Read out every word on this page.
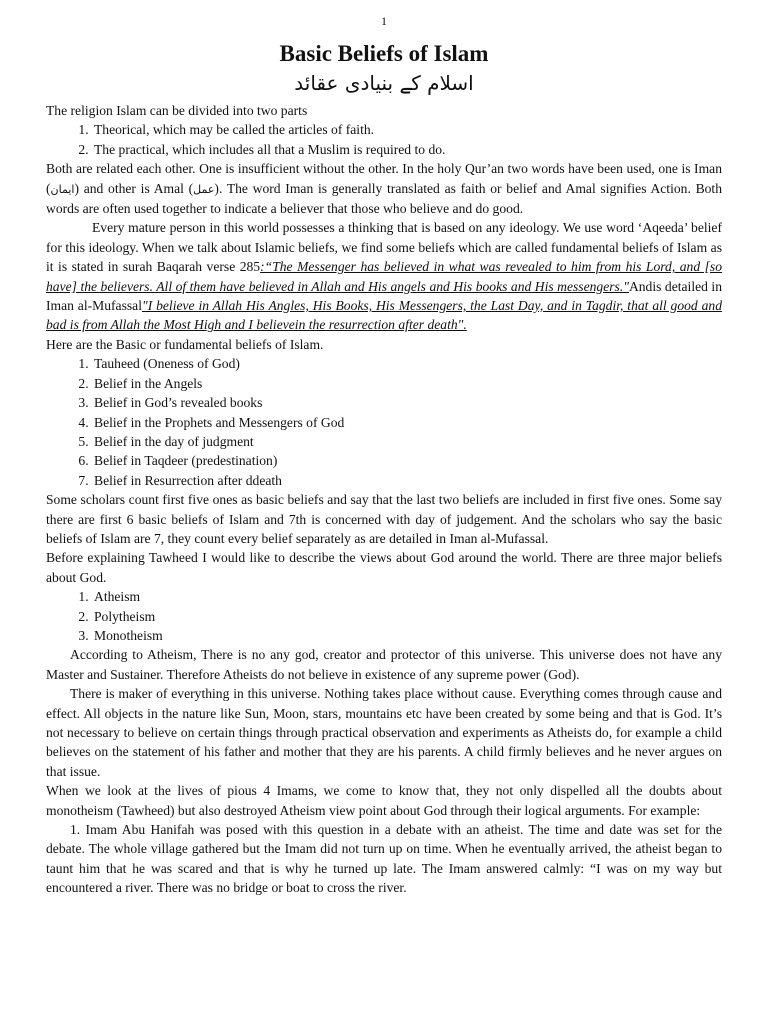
1
Basic Beliefs of Islam
اسلام کے بنیادی عقائد

The religion Islam can be divided into two parts

1. Theorical, which may be called the articles of faith.
2. The practical, which includes all that a Muslim is required to do.

Both are related each other. One is insufficient without the other. In the holy Qur’an two words have been used, one is Iman (ایمان) and other is Amal (عمل). The word Iman is generally translated as faith or belief and Amal signifies Action. Both words are often used together to indicate a believer that those who believe and do good.

Every mature person in this world possesses a thinking that is based on any ideology. We use word ‘Aqeeda’ belief for this ideology. When we talk about Islamic beliefs, we find some beliefs which are called fundamental beliefs of Islam as it is stated in surah Baqarah verse 285:“The Messenger has believed in what was revealed to him from his Lord, and [so have] the believers. All of them have believed in Allah and His angels and His books and His messengers."Andis detailed in Iman al-Mufassal"I believe in Allah His Angles, His Books, His Messengers, the Last Day, and in Tagdir, that all good and bad is from Allah the Most High and I believein the resurrection after death".

Here are the Basic or fundamental beliefs of Islam.

1. Tauheed (Oneness of God)
2. Belief in the Angels
3. Belief in God’s revealed books
4. Belief in the Prophets and Messengers of God
5. Belief in the day of judgment
6. Belief in Taqdeer (predestination)
7. Belief in Resurrection after ddeath

Some scholars count first five ones as basic beliefs and say that the last two beliefs are included in first five ones. Some say there are first 6 basic beliefs of Islam and 7th is concerned with day of judgement. And the scholars who say the basic beliefs of Islam are 7, they count every belief separately as are detailed in Iman al-Mufassal.

Before explaining Tawheed I would like to describe the views about God around the world. There are three major beliefs about God.

1. Atheism
2. Polytheism
3. Monotheism

According to Atheism, There is no any god, creator and protector of this universe. This universe does not have any Master and Sustainer. Therefore Atheists do not believe in existence of any supreme power (God).

There is maker of everything in this universe. Nothing takes place without cause. Everything comes through cause and effect. All objects in the nature like Sun, Moon, stars, mountains etc have been created by some being and that is God. It’s not necessary to believe on certain things through practical observation and experiments as Atheists do, for example a child believes on the statement of his father and mother that they are his parents. A child firmly believes and he never argues on that issue.

When we look at the lives of pious 4 Imams, we come to know that, they not only dispelled all the doubts about monotheism (Tawheed) but also destroyed Atheism view point about God through their logical arguments. For example:

1. Imam Abu Hanifah was posed with this question in a debate with an atheist. The time and date was set for the debate. The whole village gathered but the Imam did not turn up on time. When he eventually arrived, the atheist began to taunt him that he was scared and that is why he turned up late. The Imam answered calmly: “I was on my way but encountered a river. There was no bridge or boat to cross the river.
